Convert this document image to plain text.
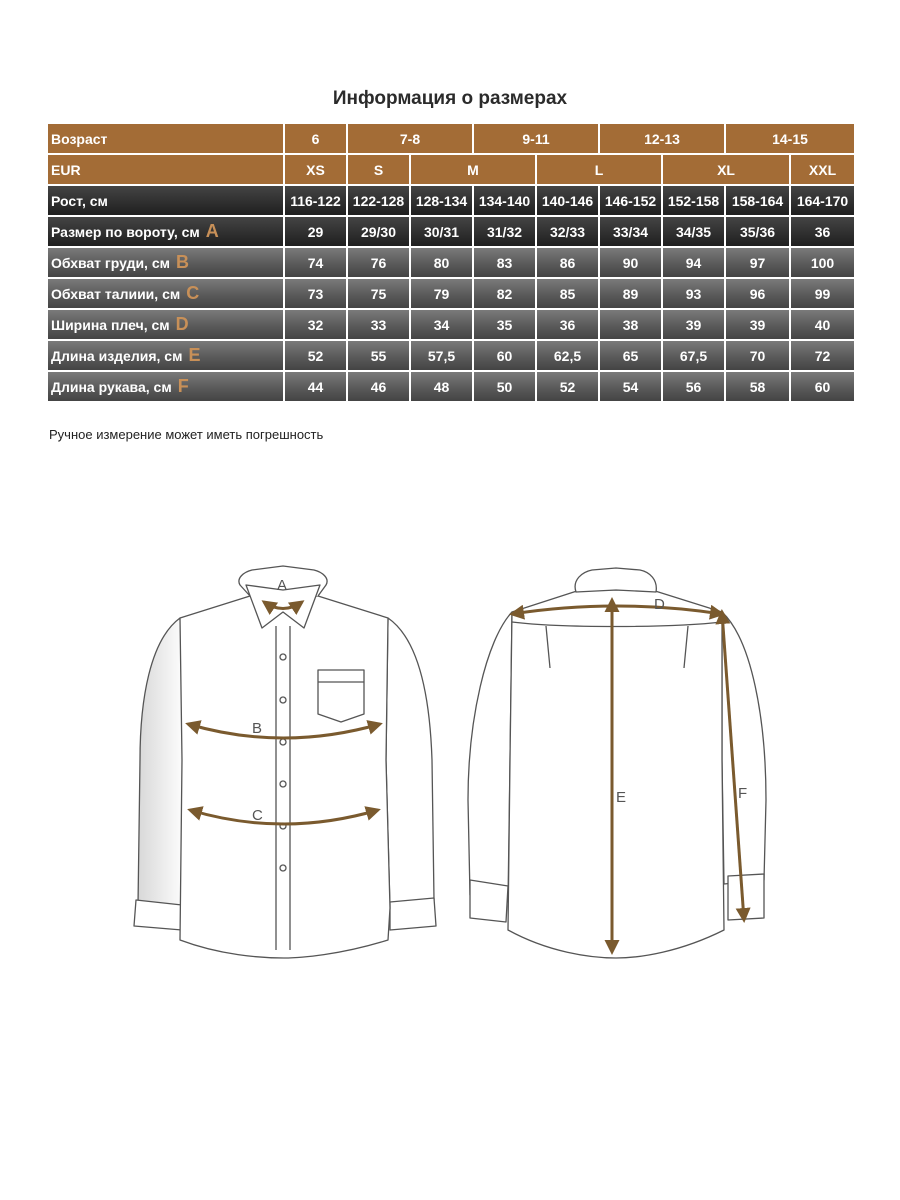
Информация о размерах
Возраст	6	7-8		9-11		12-13		14-15	
EUR	XS	S	M		L		XL		XXL
Рост, см	116-122	122-128	128-134	134-140	140-146	146-152	152-158	158-164	164-170
Размер по вороту, см A	29	29/30	30/31	31/32	32/33	33/34	34/35	35/36	36
Обхват груди, см B	74	76	80	83	86	90	94	97	100
Обхват талиии, см C	73	75	79	82	85	89	93	96	99
Ширина плеч, см D	32	33	34	35	36	38	39	39	40
Длина изделия, см E	52	55	57,5	60	62,5	65	67,5	70	72
Длина рукава, см F	44	46	48	50	52	54	56	58	60
Ручное измерение может иметь погрешность
A
B
C
D
E	F
